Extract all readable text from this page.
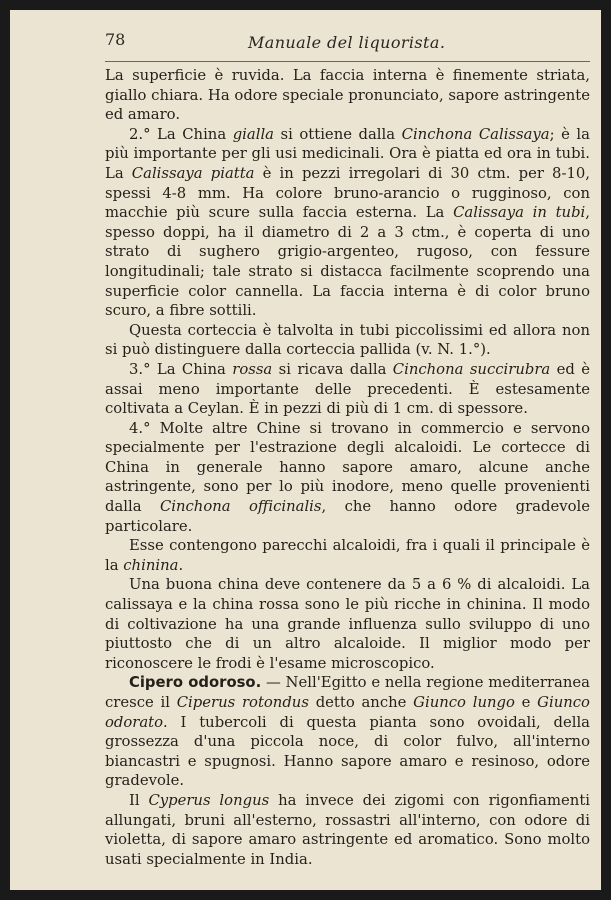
78	Manuale del liquorista.

La superficie è ruvida. La faccia interna è finemente striata, giallo chiara. Ha odore speciale pronunciato, sapore astringente ed amaro.

2.° La China gialla si ottiene dalla Cinchona Calissaya; è la più importante per gli usi medicinali. Ora è piatta ed ora in tubi. La Calissaya piatta è in pezzi irregolari di 30 ctm. per 8-10, spessi 4-8 mm. Ha colore bruno-arancio o rugginoso, con macchie più scure sulla faccia esterna. La Calissaya in tubi, spesso doppi, ha il diametro di 2 a 3 ctm., è coperta di uno strato di sughero grigio-argenteo, rugoso, con fessure longitudinali; tale strato si distacca facilmente scoprendo una superficie color cannella. La faccia interna è di color bruno scuro, a fibre sottili.

Questa corteccia è talvolta in tubi piccolissimi ed allora non si può distinguere dalla corteccia pallida (v. N. 1.°).

3.° La China rossa si ricava dalla Cinchona succirubra ed è assai meno importante delle precedenti. È estesamente coltivata a Ceylan. È in pezzi di più di 1 cm. di spessore.

4.° Molte altre Chine si trovano in commercio e servono specialmente per l'estrazione degli alcaloidi. Le cortecce di China in generale hanno sapore amaro, alcune anche astringente, sono per lo più inodore, meno quelle provenienti dalla Cinchona officinalis, che hanno odore gradevole particolare.

Esse contengono parecchi alcaloidi, fra i quali il principale è la chinina.

Una buona china deve contenere da 5 a 6 % di alcaloidi. La calissaya e la china rossa sono le più ricche in chinina. Il modo di coltivazione ha una grande influenza sullo sviluppo di uno piuttosto che di un altro alcaloide. Il miglior modo per riconoscere le frodi è l'esame microscopico.

Cipero odoroso. — Nell'Egitto e nella regione mediterranea cresce il Ciperus rotondus detto anche Giunco lungo e Giunco odorato. I tubercoli di questa pianta sono ovoidali, della grossezza d'una piccola noce, di color fulvo, all'interno biancastri e spugnosi. Hanno sapore amaro e resinoso, odore gradevole.

Il Cyperus longus ha invece dei zigomi con rigonfiamenti allungati, bruni all'esterno, rossastri all'interno, con odore di violetta, di sapore amaro astringente ed aromatico. Sono molto usati specialmente in India.
